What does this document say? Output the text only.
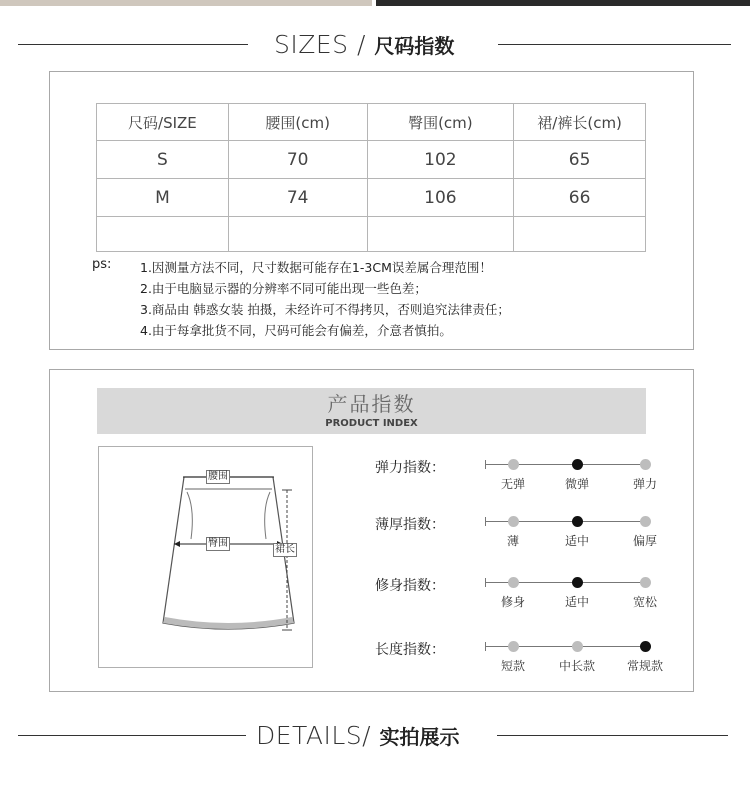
SIZES / 尺码指数
尺码/SIZE	腰围(cm)	臀围(cm)	裙/裤长(cm)
S	70	102	65
M	74	106	66

ps: 1.因测量方法不同，尺寸数据可能存在1-3CM误差属合理范围！
2.由于电脑显示器的分辨率不同可能出现一些色差；
3.商品由 韩惑女装 拍摄，未经许可不得拷贝，否则追究法律责任；
4.由于每拿批货不同，尺码可能会有偏差，介意者慎拍。
产品指数
PRODUCT INDEX
腰围
臀围
裙长
弹力指数：
无弹	微弹	弹力
薄厚指数：
薄	适中	偏厚
修身指数：
修身	适中	宽松
长度指数：
短款	中长款	常规款
DETAILS/ 实拍展示
